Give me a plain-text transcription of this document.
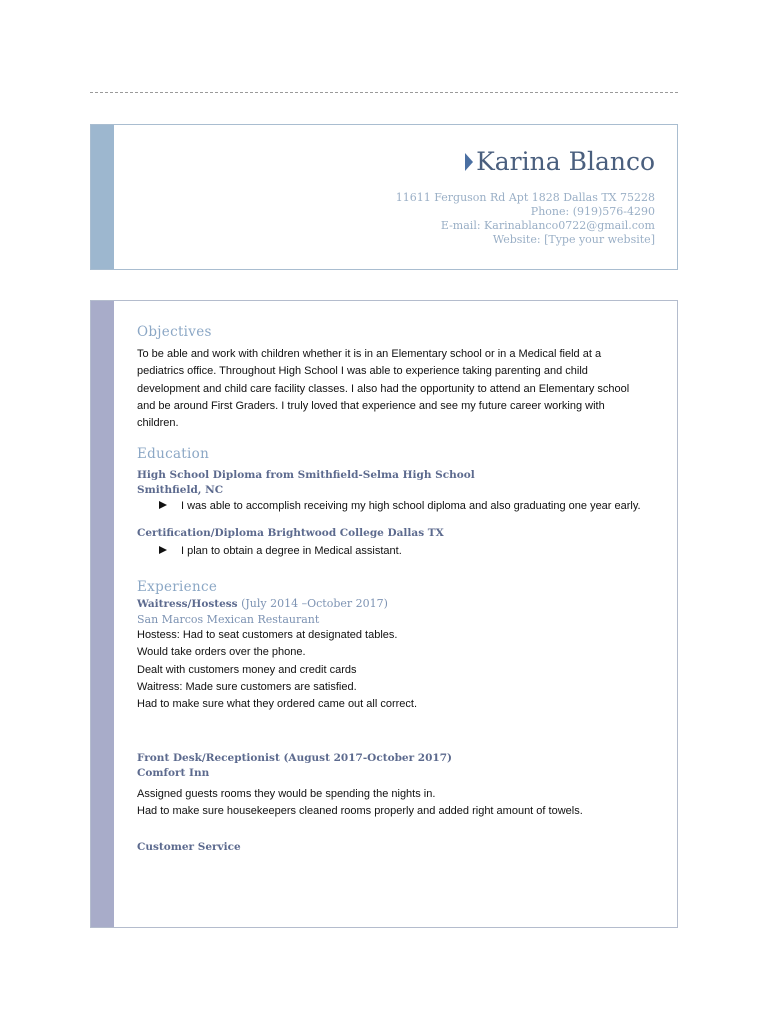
Karina Blanco
11611 Ferguson Rd Apt 1828 Dallas TX 75228
Phone: (919)576-4290
E-mail: Karinablanco0722@gmail.com
Website: [Type your website]
Objectives
To be able and work with children whether it is in an Elementary school or in a Medical field at a pediatrics office. Throughout High School I was able to experience taking parenting and child development and child care facility classes. I also had the opportunity to attend an Elementary school and be around First Graders. I truly loved that experience and see my future career working with children.
Education
High School Diploma from Smithfield-Selma High School
Smithfield, NC
I was able to accomplish receiving my high school diploma and also graduating one year early.
Certification/Diploma Brightwood College Dallas TX
I plan to obtain a degree in Medical assistant.
Experience
Waitress/Hostess (July 2014 –October 2017)
San Marcos Mexican Restaurant
Hostess: Had to seat customers at designated tables.
Would take orders over the phone.
Dealt with customers money and credit cards
Waitress: Made sure customers are satisfied.
Had to make sure what they ordered came out all correct.
Front Desk/Receptionist (August 2017-October 2017)
Comfort Inn
Assigned guests rooms they would be spending the nights in.
Had to make sure housekeepers cleaned rooms properly and added right amount of towels.
Customer Service
